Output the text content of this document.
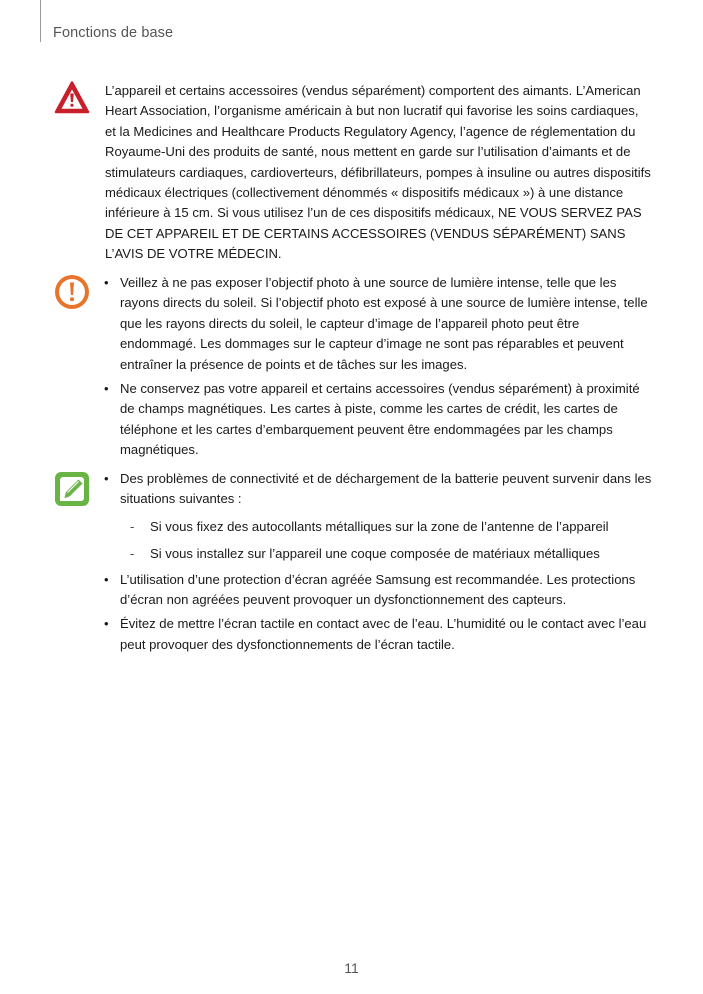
Fonctions de base

L’appareil et certains accessoires (vendus séparément) comportent des aimants. L’American Heart Association, l’organisme américain à but non lucratif qui favorise les soins cardiaques, et la Medicines and Healthcare Products Regulatory Agency, l’agence de réglementation du Royaume-Uni des produits de santé, nous mettent en garde sur l’utilisation d’aimants et de stimulateurs cardiaques, cardioverteurs, défibrillateurs, pompes à insuline ou autres dispositifs médicaux électriques (collectivement dénommés « dispositifs médicaux ») à une distance inférieure à 15 cm. Si vous utilisez l’un de ces dispositifs médicaux, NE VOUS SERVEZ PAS DE CET APPAREIL ET DE CERTAINS ACCESSOIRES (VENDUS SÉPARÉMENT) SANS L’AVIS DE VOTRE MÉDECIN.

• Veillez à ne pas exposer l’objectif photo à une source de lumière intense, telle que les rayons directs du soleil. Si l’objectif photo est exposé à une source de lumière intense, telle que les rayons directs du soleil, le capteur d’image de l’appareil photo peut être endommagé. Les dommages sur le capteur d’image ne sont pas réparables et peuvent entraîner la présence de points et de tâches sur les images.
• Ne conservez pas votre appareil et certains accessoires (vendus séparément) à proximité de champs magnétiques. Les cartes à piste, comme les cartes de crédit, les cartes de téléphone et les cartes d’embarquement peuvent être endommagées par les champs magnétiques.
• Des problèmes de connectivité et de déchargement de la batterie peuvent survenir dans les situations suivantes :
- Si vous fixez des autocollants métalliques sur la zone de l’antenne de l’appareil
- Si vous installez sur l’appareil une coque composée de matériaux métalliques
• L’utilisation d’une protection d’écran agréée Samsung est recommandée. Les protections d’écran non agréées peuvent provoquer un dysfonctionnement des capteurs.
• Évitez de mettre l’écran tactile en contact avec de l’eau. L’humidité ou le contact avec l’eau peut provoquer des dysfonctionnements de l’écran tactile.
11
